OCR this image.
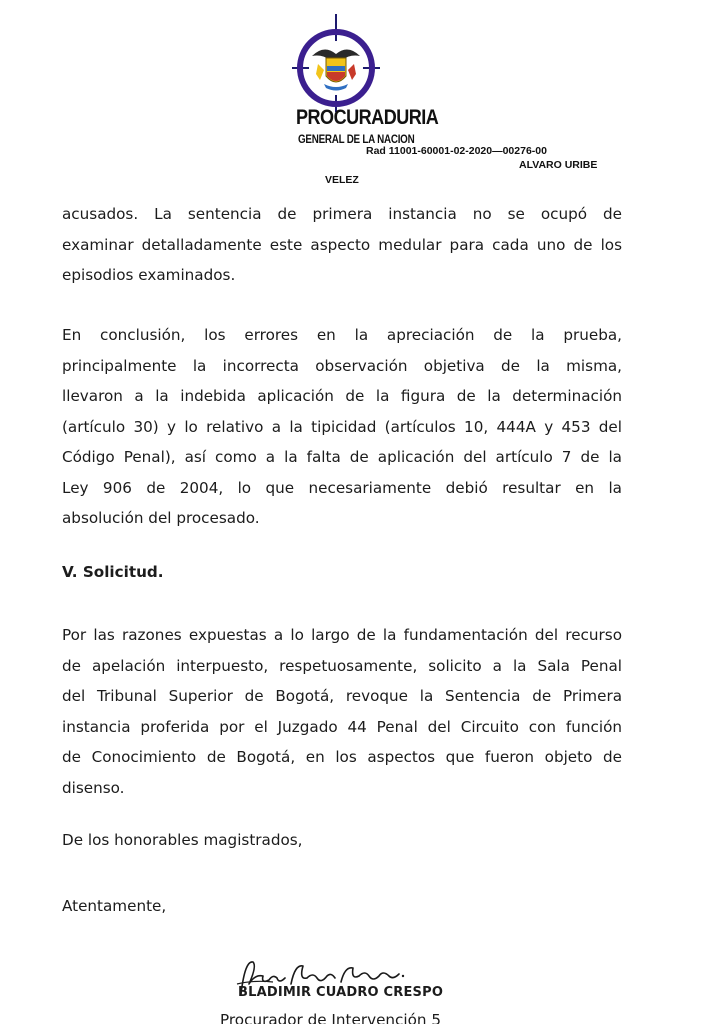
PROCURADURIA
GENERAL DE LA NACION
Rad 11001-60001-02-2020—00276-00
ALVARO URIBE
VELEZ
acusados. La sentencia de primera instancia no se ocupó de
examinar detalladamente este aspecto medular para cada uno de los
episodios examinados.
En conclusión, los errores en la apreciación de la prueba,
principalmente la incorrecta observación objetiva de la misma,
llevaron a la indebida aplicación de la figura de la determinación
(artículo 30) y lo relativo a la tipicidad (artículos 10, 444A y 453 del
Código Penal), así como a la falta de aplicación del artículo 7 de la
Ley 906 de 2004, lo que necesariamente debió resultar en la
absolución del procesado.
V. Solicitud.
Por las razones expuestas a lo largo de la fundamentación del recurso
de apelación interpuesto, respetuosamente, solicito a la Sala Penal
del Tribunal Superior de Bogotá, revoque la Sentencia de Primera
instancia proferida por el Juzgado 44 Penal del Circuito con función
de Conocimiento de Bogotá, en los aspectos que fueron objeto de
disenso.
De los honorables magistrados,
Atentamente,
BLADIMIR CUADRO CRESPO
Procurador de Intervención 5
